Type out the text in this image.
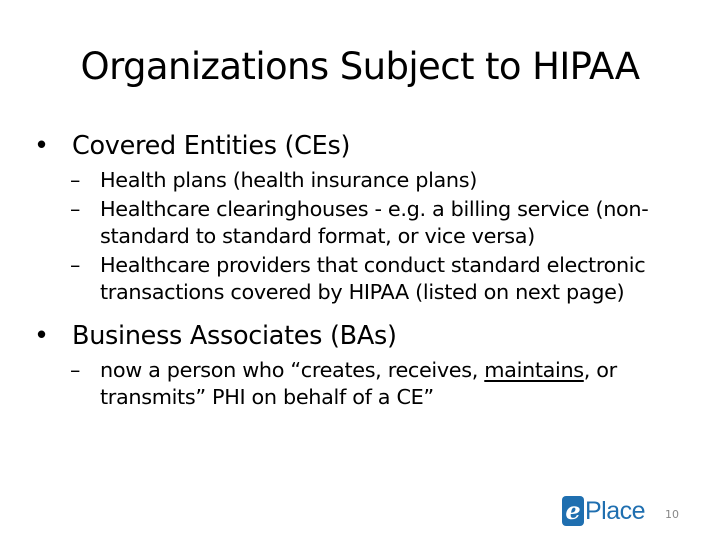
Organizations Subject to HIPAA
• Covered Entities (CEs)
– Health plans (health insurance plans)
– Healthcare clearinghouses - e.g. a billing service (non-standard to standard format, or vice versa)
– Healthcare providers that conduct standard electronic transactions covered by HIPAA (listed on next page)
• Business Associates (BAs)
– now a person who “creates, receives, maintains, or transmits” PHI on behalf of a CE”
e Place	10
